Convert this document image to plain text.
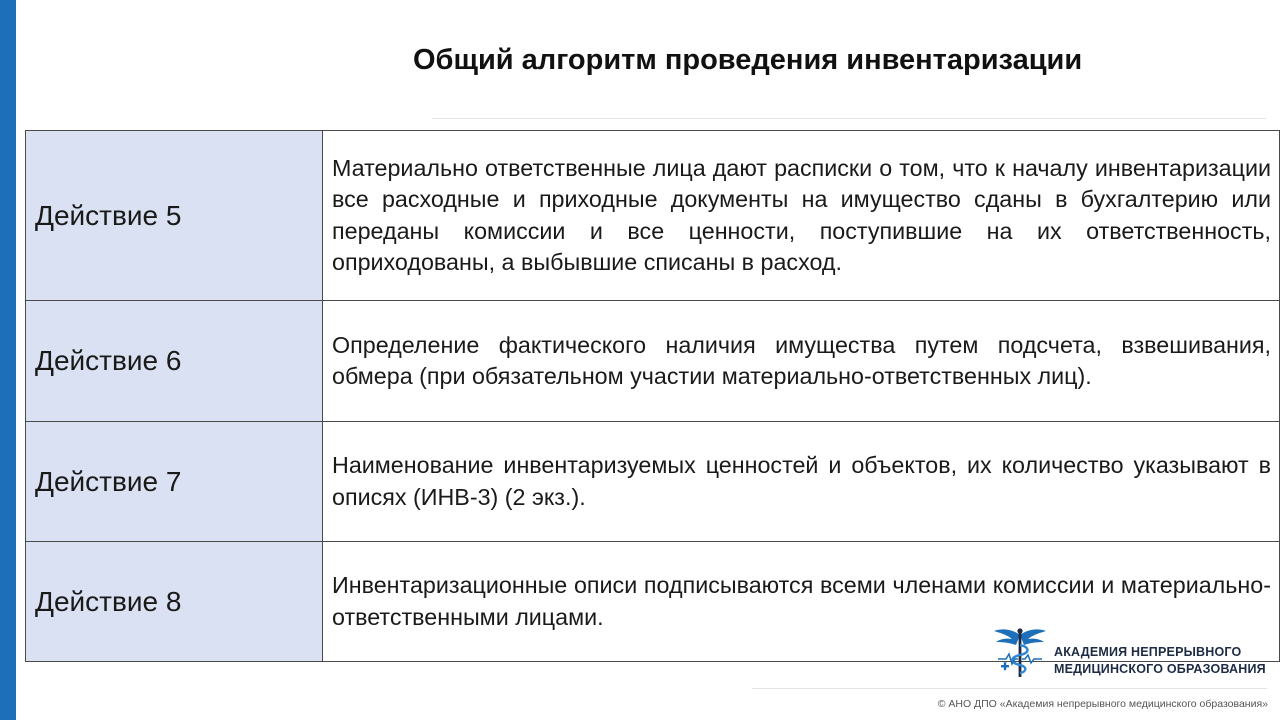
Общий алгоритм проведения инвентаризации
Действие 5	Материально ответственные лица дают расписки о том, что к началу инвентаризации все расходные и приходные документы на имущество сданы в бухгалтерию или переданы комиссии и все ценности, поступившие на их ответственность, оприходованы, а выбывшие списаны в расход.
Действие 6	Определение фактического наличия имущества путем подсчета, взвешивания, обмера (при обязательном участии материально-ответственных лиц).
Действие 7	Наименование инвентаризуемых ценностей и объектов, их количество указывают в описях (ИНВ-3) (2 экз.).
Действие 8	Инвентаризационные описи подписываются всеми членами комиссии и материально-ответственными лицами.
АКАДЕМИЯ НЕПРЕРЫВНОГО
МЕДИЦИНСКОГО ОБРАЗОВАНИЯ
© АНО ДПО «Академия непрерывного медицинского образования»
